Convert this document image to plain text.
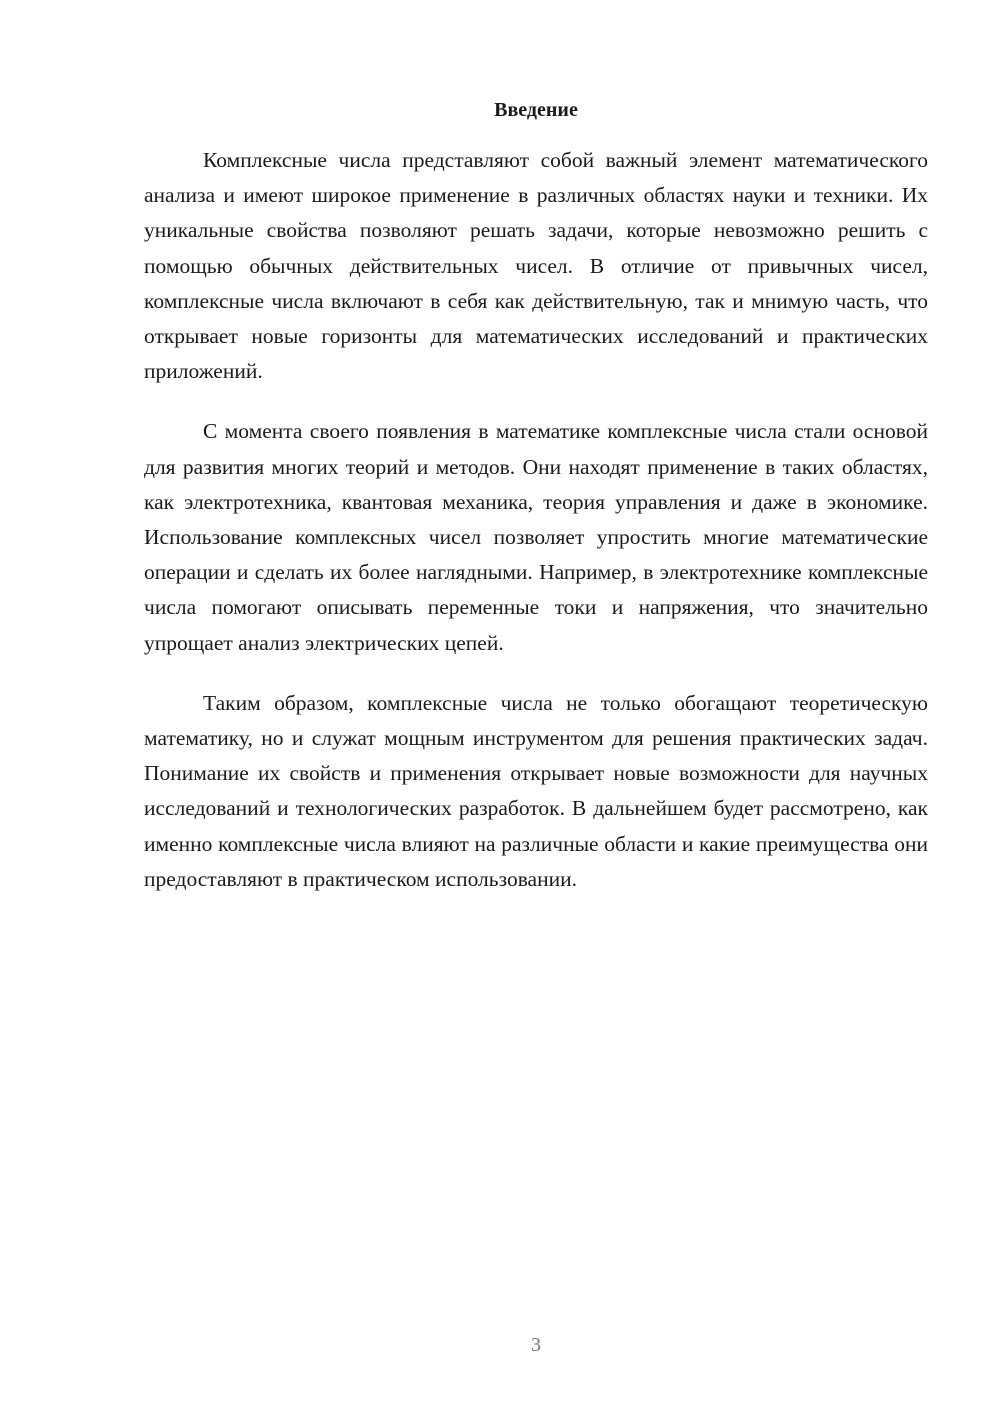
Введение

Комплексные числа представляют собой важный элемент математического анализа и имеют широкое применение в различных областях науки и техники. Их уникальные свойства позволяют решать задачи, которые невозможно решить с помощью обычных действительных чисел. В отличие от привычных чисел, комплексные числа включают в себя как действительную, так и мнимую часть, что открывает новые горизонты для математических исследований и практических приложений.

С момента своего появления в математике комплексные числа стали основой для развития многих теорий и методов. Они находят применение в таких областях, как электротехника, квантовая механика, теория управления и даже в экономике. Использование комплексных чисел позволяет упростить многие математические операции и сделать их более наглядными. Например, в электротехнике комплексные числа помогают описывать переменные токи и напряжения, что значительно упрощает анализ электрических цепей.

Таким образом, комплексные числа не только обогащают теоретическую математику, но и служат мощным инструментом для решения практических задач. Понимание их свойств и применения открывает новые возможности для научных исследований и технологических разработок. В дальнейшем будет рассмотрено, как именно комплексные числа влияют на различные области и какие преимущества они предоставляют в практическом использовании.

3
